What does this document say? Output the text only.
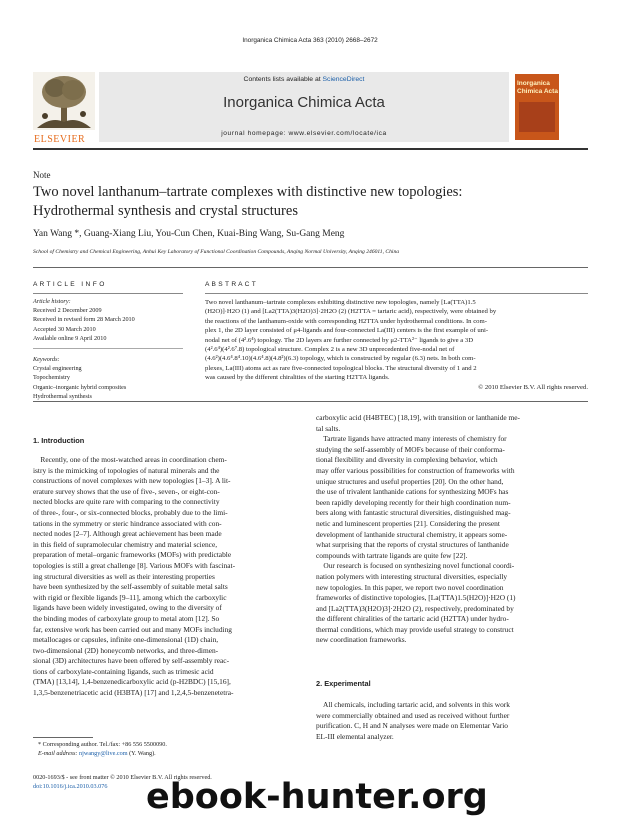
Inorganica Chimica Acta 363 (2010) 2668–2672
ELSEVIER
Contents lists available at ScienceDirect
Inorganica Chimica Acta
journal homepage: www.elsevier.com/locate/ica
Inorganica
Chimica Acta
Note
Two novel lanthanum–tartrate complexes with distinctive new topologies:
Hydrothermal synthesis and crystal structures
Yan Wang *, Guang-Xiang Liu, You-Cun Chen, Kuai-Bing Wang, Su-Gang Meng
School of Chemistry and Chemical Engineering, Anhui Key Laboratory of Functional Coordination Compounds, Anqing Normal University, Anqing 246011, China
A R T I C L E   I N F O
Article history:
Received 2 December 2009
Received in revised form 28 March 2010
Accepted 30 March 2010
Available online 9 April 2010
Keywords:
Crystal engineering
Topochemistry
Organic–inorganic hybrid composites
Hydrothermal synthesis
A B S T R A C T
Two novel lanthanum–tartrate complexes exhibiting distinctive new topologies, namely [La(TTA)1.5
(H2O)]·H2O (1) and [La2(TTA)3(H2O)3]·2H2O (2) (H2TTA = tartaric acid), respectively, were obtained by
the reactions of the lanthanum-oxide with corresponding H2TTA under hydrothermal conditions. In com-
plex 1, the 2D layer consisted of μ4-ligands and four-connected La(III) centers is the first example of uni-
nodal net of (4².6⁴) topology. The 2D layers are further connected by μ2-TTA²⁻ ligands to give a 3D
(4².6⁴)(4².6⁷.8) topological structure. Complex 2 is a new 3D unprecedented five-nodal net of
(4.6²)(4.6⁴.8⁴.10)(4.6⁴.8)(4.8²)(6.3) topology, which is constructed by regular (6.3) nets. In both com-
plexes, La(III) atoms act as rare five-connected topological blocks. The structural diversity of 1 and 2
was caused by the different chiralities of the starting H2TTA ligands.
© 2010 Elsevier B.V. All rights reserved.
1. Introduction
Recently, one of the most-watched areas in coordination chem-
istry is the mimicking of topologies of natural minerals and the
constructions of novel complexes with new topologies [1–3]. A lit-
erature survey shows that the use of five-, seven-, or eight-con-
nected blocks are quite rare with comparing to the connectivity
of three-, four-, or six-connected blocks, probably due to the limi-
tations in the symmetry or steric hindrance associated with con-
nected nodes [2–7]. Although great achievement has been made
in this field of supramolecular chemistry and material science,
preparation of metal–organic frameworks (MOFs) with predictable
topologies is still a great challenge [8]. Various MOFs with fascinat-
ing structural diversities as well as their interesting properties
have been synthesized by the self-assembly of suitable metal salts
with rigid or flexible ligands [9–11], among which the carboxylic
ligands have been widely investigated, owing to the diversity of
the binding modes of carboxylate group to metal atom [12]. So
far, extensive work has been carried out and many MOFs including
metallocages or capsules, infinite one-dimensional (1D) chain,
two-dimensional (2D) honeycomb networks, and three-dimen-
sional (3D) architectures have been offered by self-assembly reac-
tions of carboxylate-containing ligands, such as trimesic acid
(TMA) [13,14], 1,4-benzenedicarboxylic acid (p-H2BDC) [15,16],
1,3,5-benzenetriacetic acid (H3BTA) [17] and 1,2,4,5-benzenetetra-
* Corresponding author. Tel./fax: +86 556 5500090.
E-mail address: njwangy@live.com (Y. Wang).
0020-1693/$ - see front matter © 2010 Elsevier B.V. All rights reserved.
doi:10.1016/j.ica.2010.03.076
carboxylic acid (H4BTEC) [18,19], with transition or lanthanide me-
tal salts.
Tartrate ligands have attracted many interests of chemistry for
studying the self-assembly of MOFs because of their conforma-
tional flexibility and diversity in complexing behavior, which
may offer various possibilities for construction of frameworks with
unique structures and useful properties [20]. On the other hand,
the use of trivalent lanthanide cations for synthesizing MOFs has
been rapidly developing recently for their high coordination num-
bers along with fantastic structural diversities, distinguished mag-
netic and luminescent properties [21]. Considering the present
development of lanthanide structural chemistry, it appears some-
what surprising that the reports of crystal structures of lanthanide
compounds with tartrate ligands are quite few [22].
Our research is focused on synthesizing novel functional coordi-
nation polymers with interesting structural diversities, especially
new topologies. In this paper, we report two novel coordination
frameworks of distinctive topologies, [La(TTA)1.5(H2O)]·H2O (1)
and [La2(TTA)3(H2O)3]·2H2O (2), respectively, predominated by
the different chiralities of the tartaric acid (H2TTA) under hydro-
thermal conditions, which may provide useful strategy to construct
new coordination frameworks.
2. Experimental
All chemicals, including tartaric acid, and solvents in this work
were commercially obtained and used as received without further
purification. C, H and N analyses were made on Elementar Vario
EL-III elemental analyzer.
ebook-hunter.org
